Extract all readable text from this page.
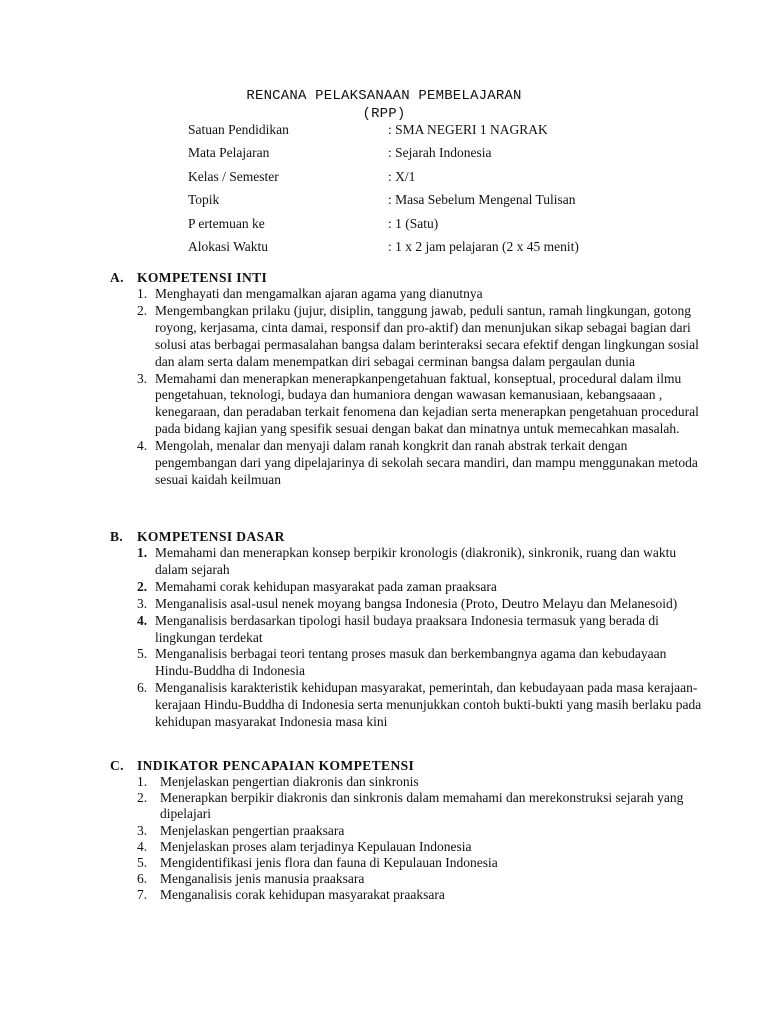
RENCANA PELAKSANAAN PEMBELAJARAN
(RPP)
Satuan Pendidikan	: SMA NEGERI 1 NAGRAK
Mata Pelajaran	: Sejarah Indonesia
Kelas / Semester	: X/1
Topik	: Masa Sebelum Mengenal Tulisan
P ertemuan ke	: 1 (Satu)
Alokasi Waktu	: 1 x 2 jam pelajaran (2 x 45 menit)
A. KOMPETENSI INTI
1. Menghayati dan mengamalkan ajaran agama yang dianutnya
2. Mengembangkan prilaku (jujur, disiplin, tanggung jawab, peduli santun, ramah lingkungan, gotong royong, kerjasama, cinta damai, responsif dan pro-aktif) dan menunjukan sikap sebagai bagian dari solusi atas berbagai permasalahan bangsa dalam berinteraksi secara efektif dengan lingkungan sosial dan alam serta dalam menempatkan diri sebagai cerminan bangsa dalam pergaulan dunia
3. Memahami dan menerapkan menerapkanpengetahuan faktual, konseptual, procedural dalam ilmu pengetahuan, teknologi, budaya dan humaniora dengan wawasan kemanusiaan, kebangsaaan , kenegaraan, dan peradaban terkait fenomena dan kejadian serta menerapkan pengetahuan procedural pada bidang kajian yang spesifik sesuai dengan bakat dan minatnya untuk memecahkan masalah.
4. Mengolah, menalar dan menyaji dalam ranah kongkrit dan ranah abstrak terkait dengan pengembangan dari yang dipelajarinya di sekolah secara mandiri, dan mampu menggunakan metoda sesuai kaidah keilmuan
B. KOMPETENSI DASAR
1. Memahami dan menerapkan konsep berpikir kronologis (diakronik), sinkronik, ruang dan waktu dalam sejarah
2. Memahami corak kehidupan masyarakat pada zaman praaksara
3. Menganalisis asal-usul nenek moyang bangsa Indonesia (Proto, Deutro Melayu dan Melanesoid)
4. Menganalisis berdasarkan tipologi hasil budaya praaksara Indonesia termasuk yang berada di lingkungan terdekat
5. Menganalisis berbagai teori tentang proses masuk dan berkembangnya agama dan kebudayaan Hindu-Buddha di Indonesia
6. Menganalisis karakteristik kehidupan masyarakat, pemerintah, dan kebudayaan pada masa kerajaan-kerajaan Hindu-Buddha di Indonesia serta menunjukkan contoh bukti-bukti yang masih berlaku pada kehidupan masyarakat Indonesia masa kini
C. INDIKATOR PENCAPAIAN KOMPETENSI
1. Menjelaskan pengertian diakronis dan sinkronis
2. Menerapkan berpikir diakronis dan sinkronis dalam memahami dan merekonstruksi sejarah yang dipelajari
3. Menjelaskan pengertian praaksara
4. Menjelaskan proses alam terjadinya Kepulauan Indonesia
5. Mengidentifikasi jenis flora dan fauna di Kepulauan Indonesia
6. Menganalisis jenis manusia praaksara
7. Menganalisis corak kehidupan masyarakat praaksara
